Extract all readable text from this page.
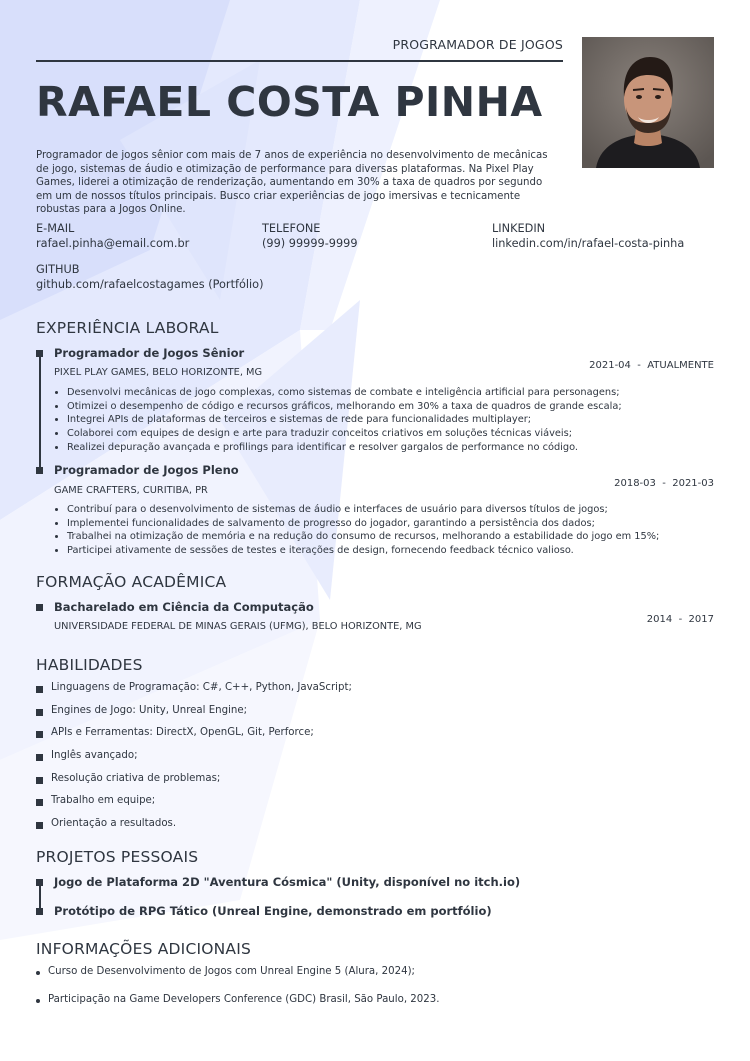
PROGRAMADOR DE JOGOS
RAFAEL COSTA PINHA
Programador de jogos sênior com mais de 7 anos de experiência no desenvolvimento de mecânicas de jogo, sistemas de áudio e otimização de performance para diversas plataformas. Na Pixel Play Games, liderei a otimização de renderização, aumentando em 30% a taxa de quadros por segundo em um de nossos títulos principais. Busco criar experiências de jogo imersivas e tecnicamente robustas para a Jogos Online.
E-MAIL
rafael.pinha@email.com.br
TELEFONE
(99) 99999-9999
LINKEDIN
linkedin.com/in/rafael-costa-pinha
GITHUB
github.com/rafaelcostagames (Portfólio)
EXPERIÊNCIA LABORAL
Programador de Jogos Sênior
PIXEL PLAY GAMES, BELO HORIZONTE, MG
2021-04  -  ATUALMENTE
• Desenvolvi mecânicas de jogo complexas, como sistemas de combate e inteligência artificial para personagens;
• Otimizei o desempenho de código e recursos gráficos, melhorando em 30% a taxa de quadros de grande escala;
• Integrei APIs de plataformas de terceiros e sistemas de rede para funcionalidades multiplayer;
• Colaborei com equipes de design e arte para traduzir conceitos criativos em soluções técnicas viáveis;
• Realizei depuração avançada e profilings para identificar e resolver gargalos de performance no código.
Programador de Jogos Pleno
GAME CRAFTERS, CURITIBA, PR
2018-03  -  2021-03
• Contribuí para o desenvolvimento de sistemas de áudio e interfaces de usuário para diversos títulos de jogos;
• Implementei funcionalidades de salvamento de progresso do jogador, garantindo a persistência dos dados;
• Trabalhei na otimização de memória e na redução do consumo de recursos, melhorando a estabilidade do jogo em 15%;
• Participei ativamente de sessões de testes e iterações de design, fornecendo feedback técnico valioso.
FORMAÇÃO ACADÊMICA
Bacharelado em Ciência da Computação
UNIVERSIDADE FEDERAL DE MINAS GERAIS (UFMG), BELO HORIZONTE, MG
2014  -  2017
HABILIDADES
Linguagens de Programação: C#, C++, Python, JavaScript;
Engines de Jogo: Unity, Unreal Engine;
APIs e Ferramentas: DirectX, OpenGL, Git, Perforce;
Inglês avançado;
Resolução criativa de problemas;
Trabalho em equipe;
Orientação a resultados.
PROJETOS PESSOAIS
Jogo de Plataforma 2D "Aventura Cósmica" (Unity, disponível no itch.io)
Protótipo de RPG Tático (Unreal Engine, demonstrado em portfólio)
INFORMAÇÕES ADICIONAIS
Curso de Desenvolvimento de Jogos com Unreal Engine 5 (Alura, 2024);
Participação na Game Developers Conference (GDC) Brasil, São Paulo, 2023.
